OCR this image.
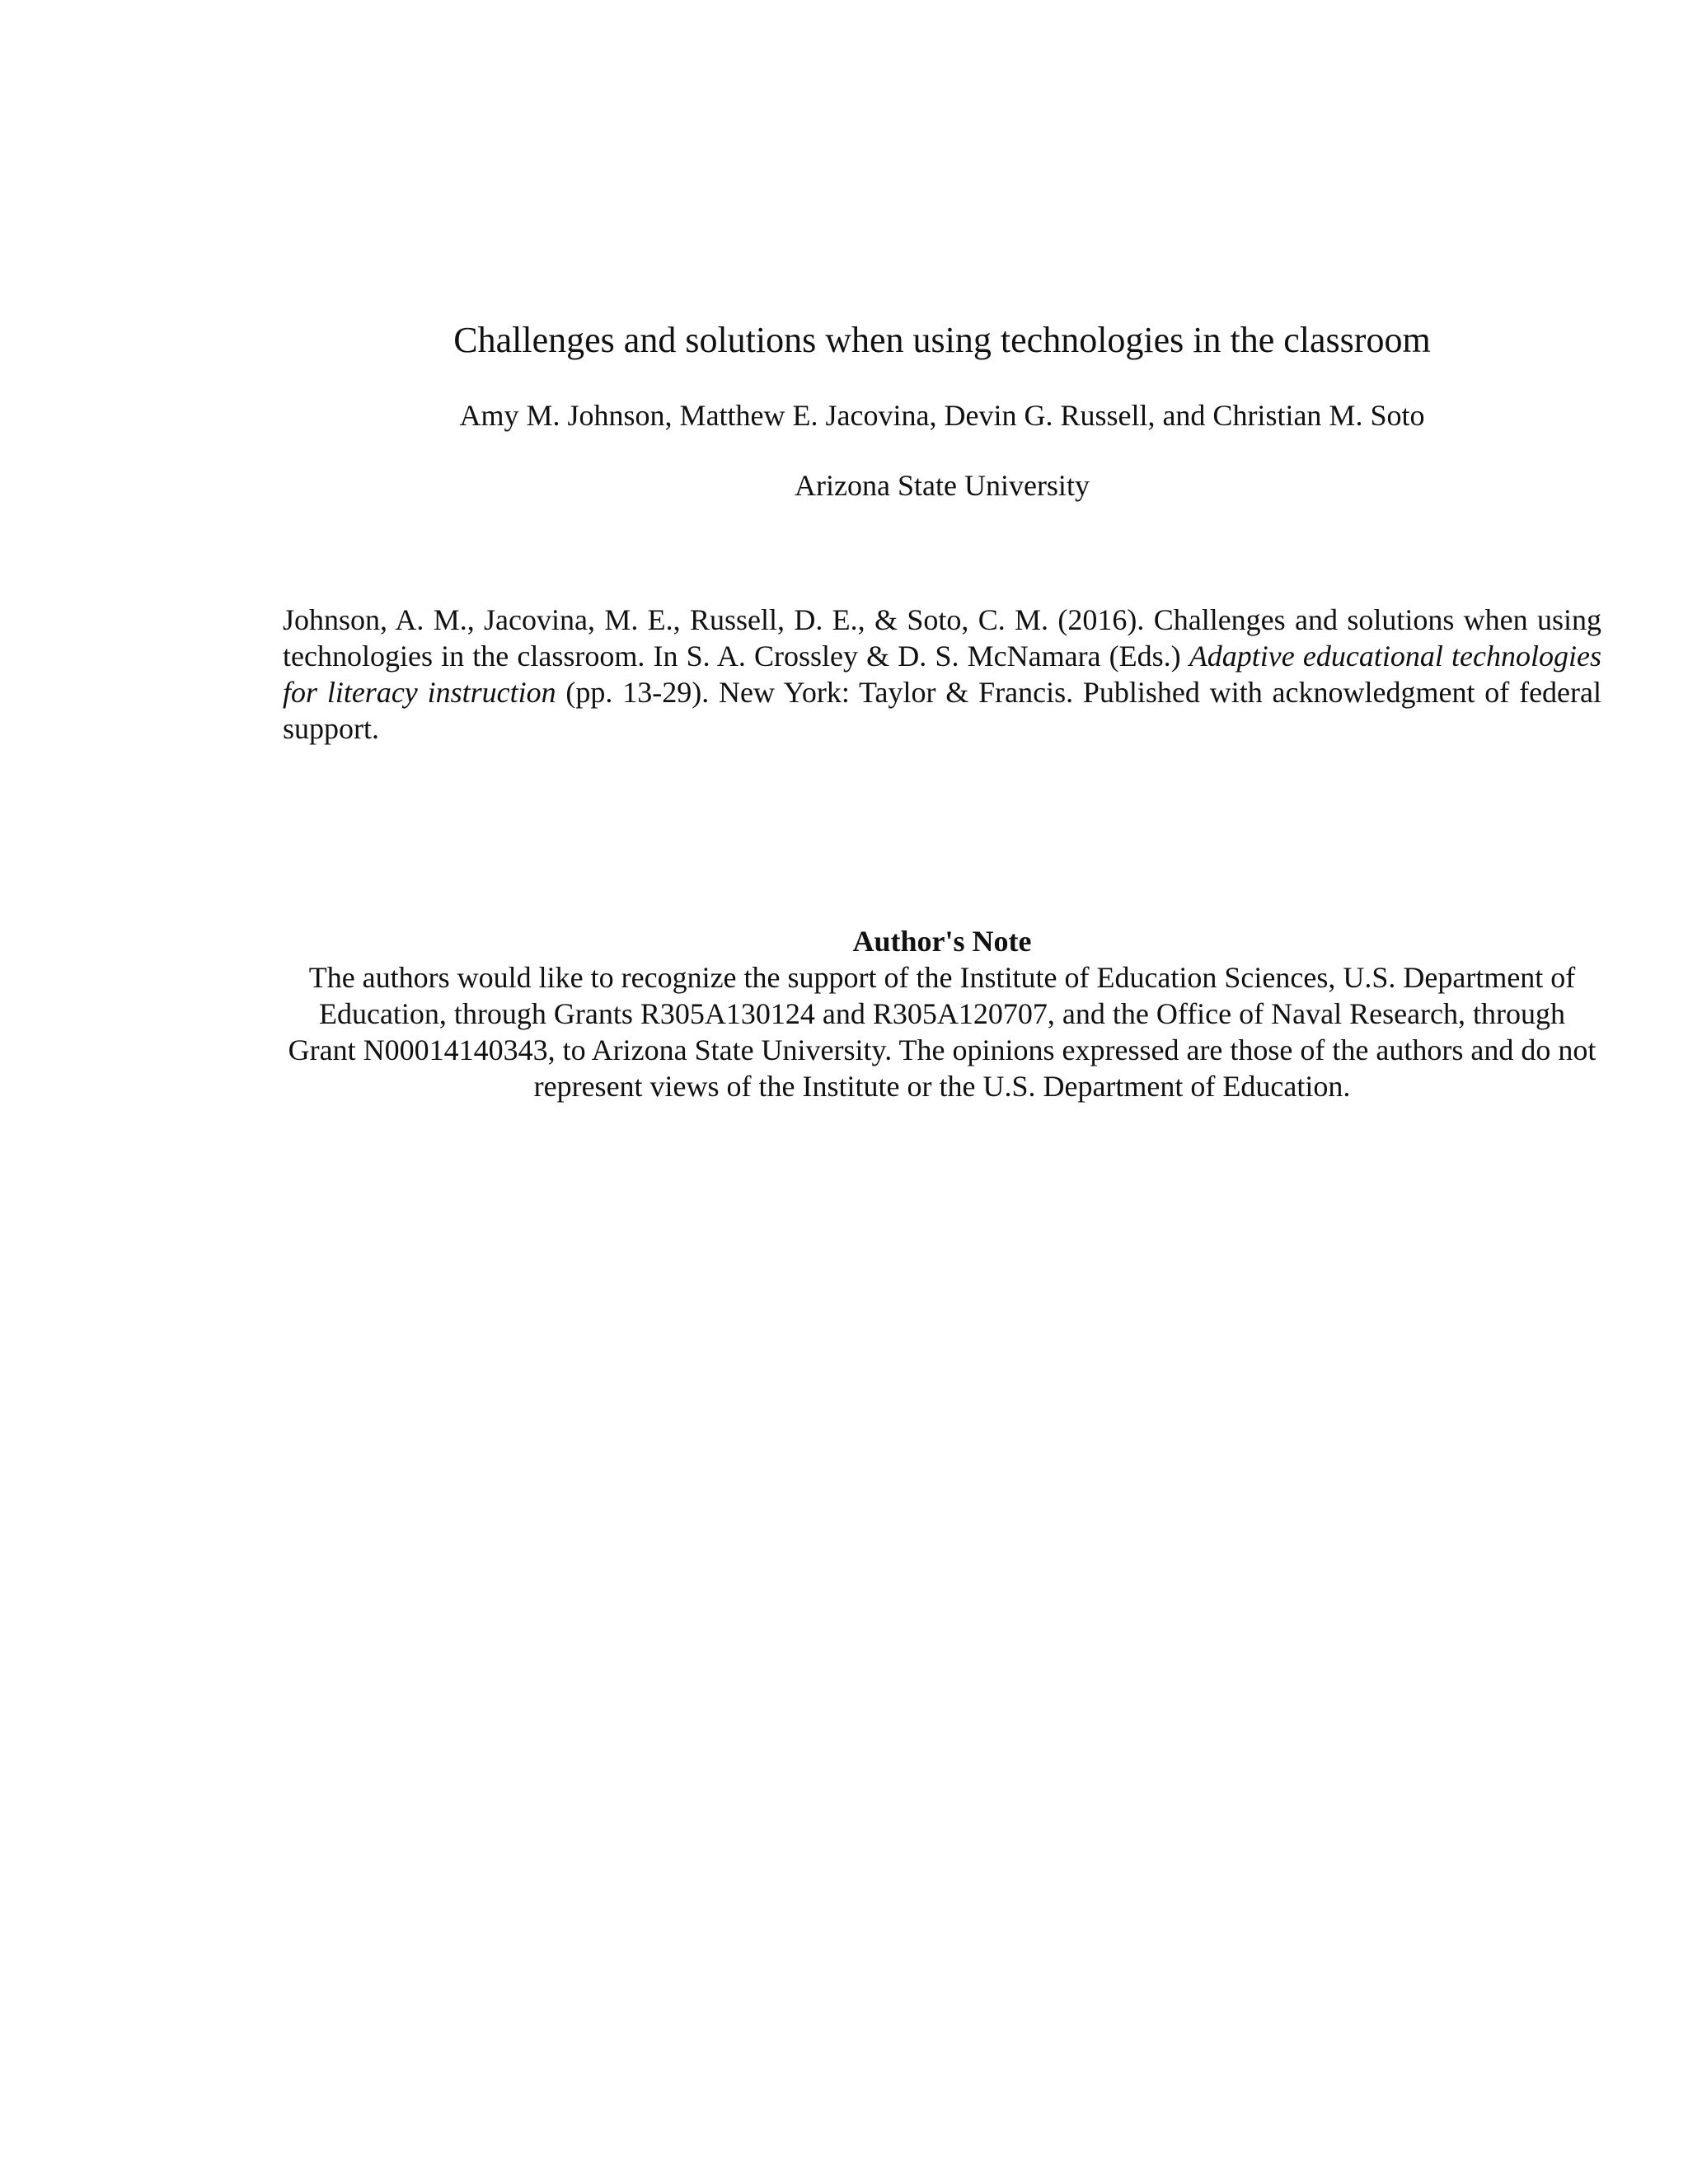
Challenges and solutions when using technologies in the classroom
Amy M. Johnson, Matthew E. Jacovina, Devin G. Russell, and Christian M. Soto
Arizona State University

Johnson, A. M., Jacovina, M. E., Russell, D. E., & Soto, C. M. (2016). Challenges and solutions when using technologies in the classroom. In S. A. Crossley & D. S. McNamara (Eds.) Adaptive educational technologies for literacy instruction (pp. 13-29). New York: Taylor & Francis. Published with acknowledgment of federal support.

Author's Note
The authors would like to recognize the support of the Institute of Education Sciences, U.S. Department of Education, through Grants R305A130124 and R305A120707, and the Office of Naval Research, through Grant N00014140343, to Arizona State University. The opinions expressed are those of the authors and do not represent views of the Institute or the U.S. Department of Education.
